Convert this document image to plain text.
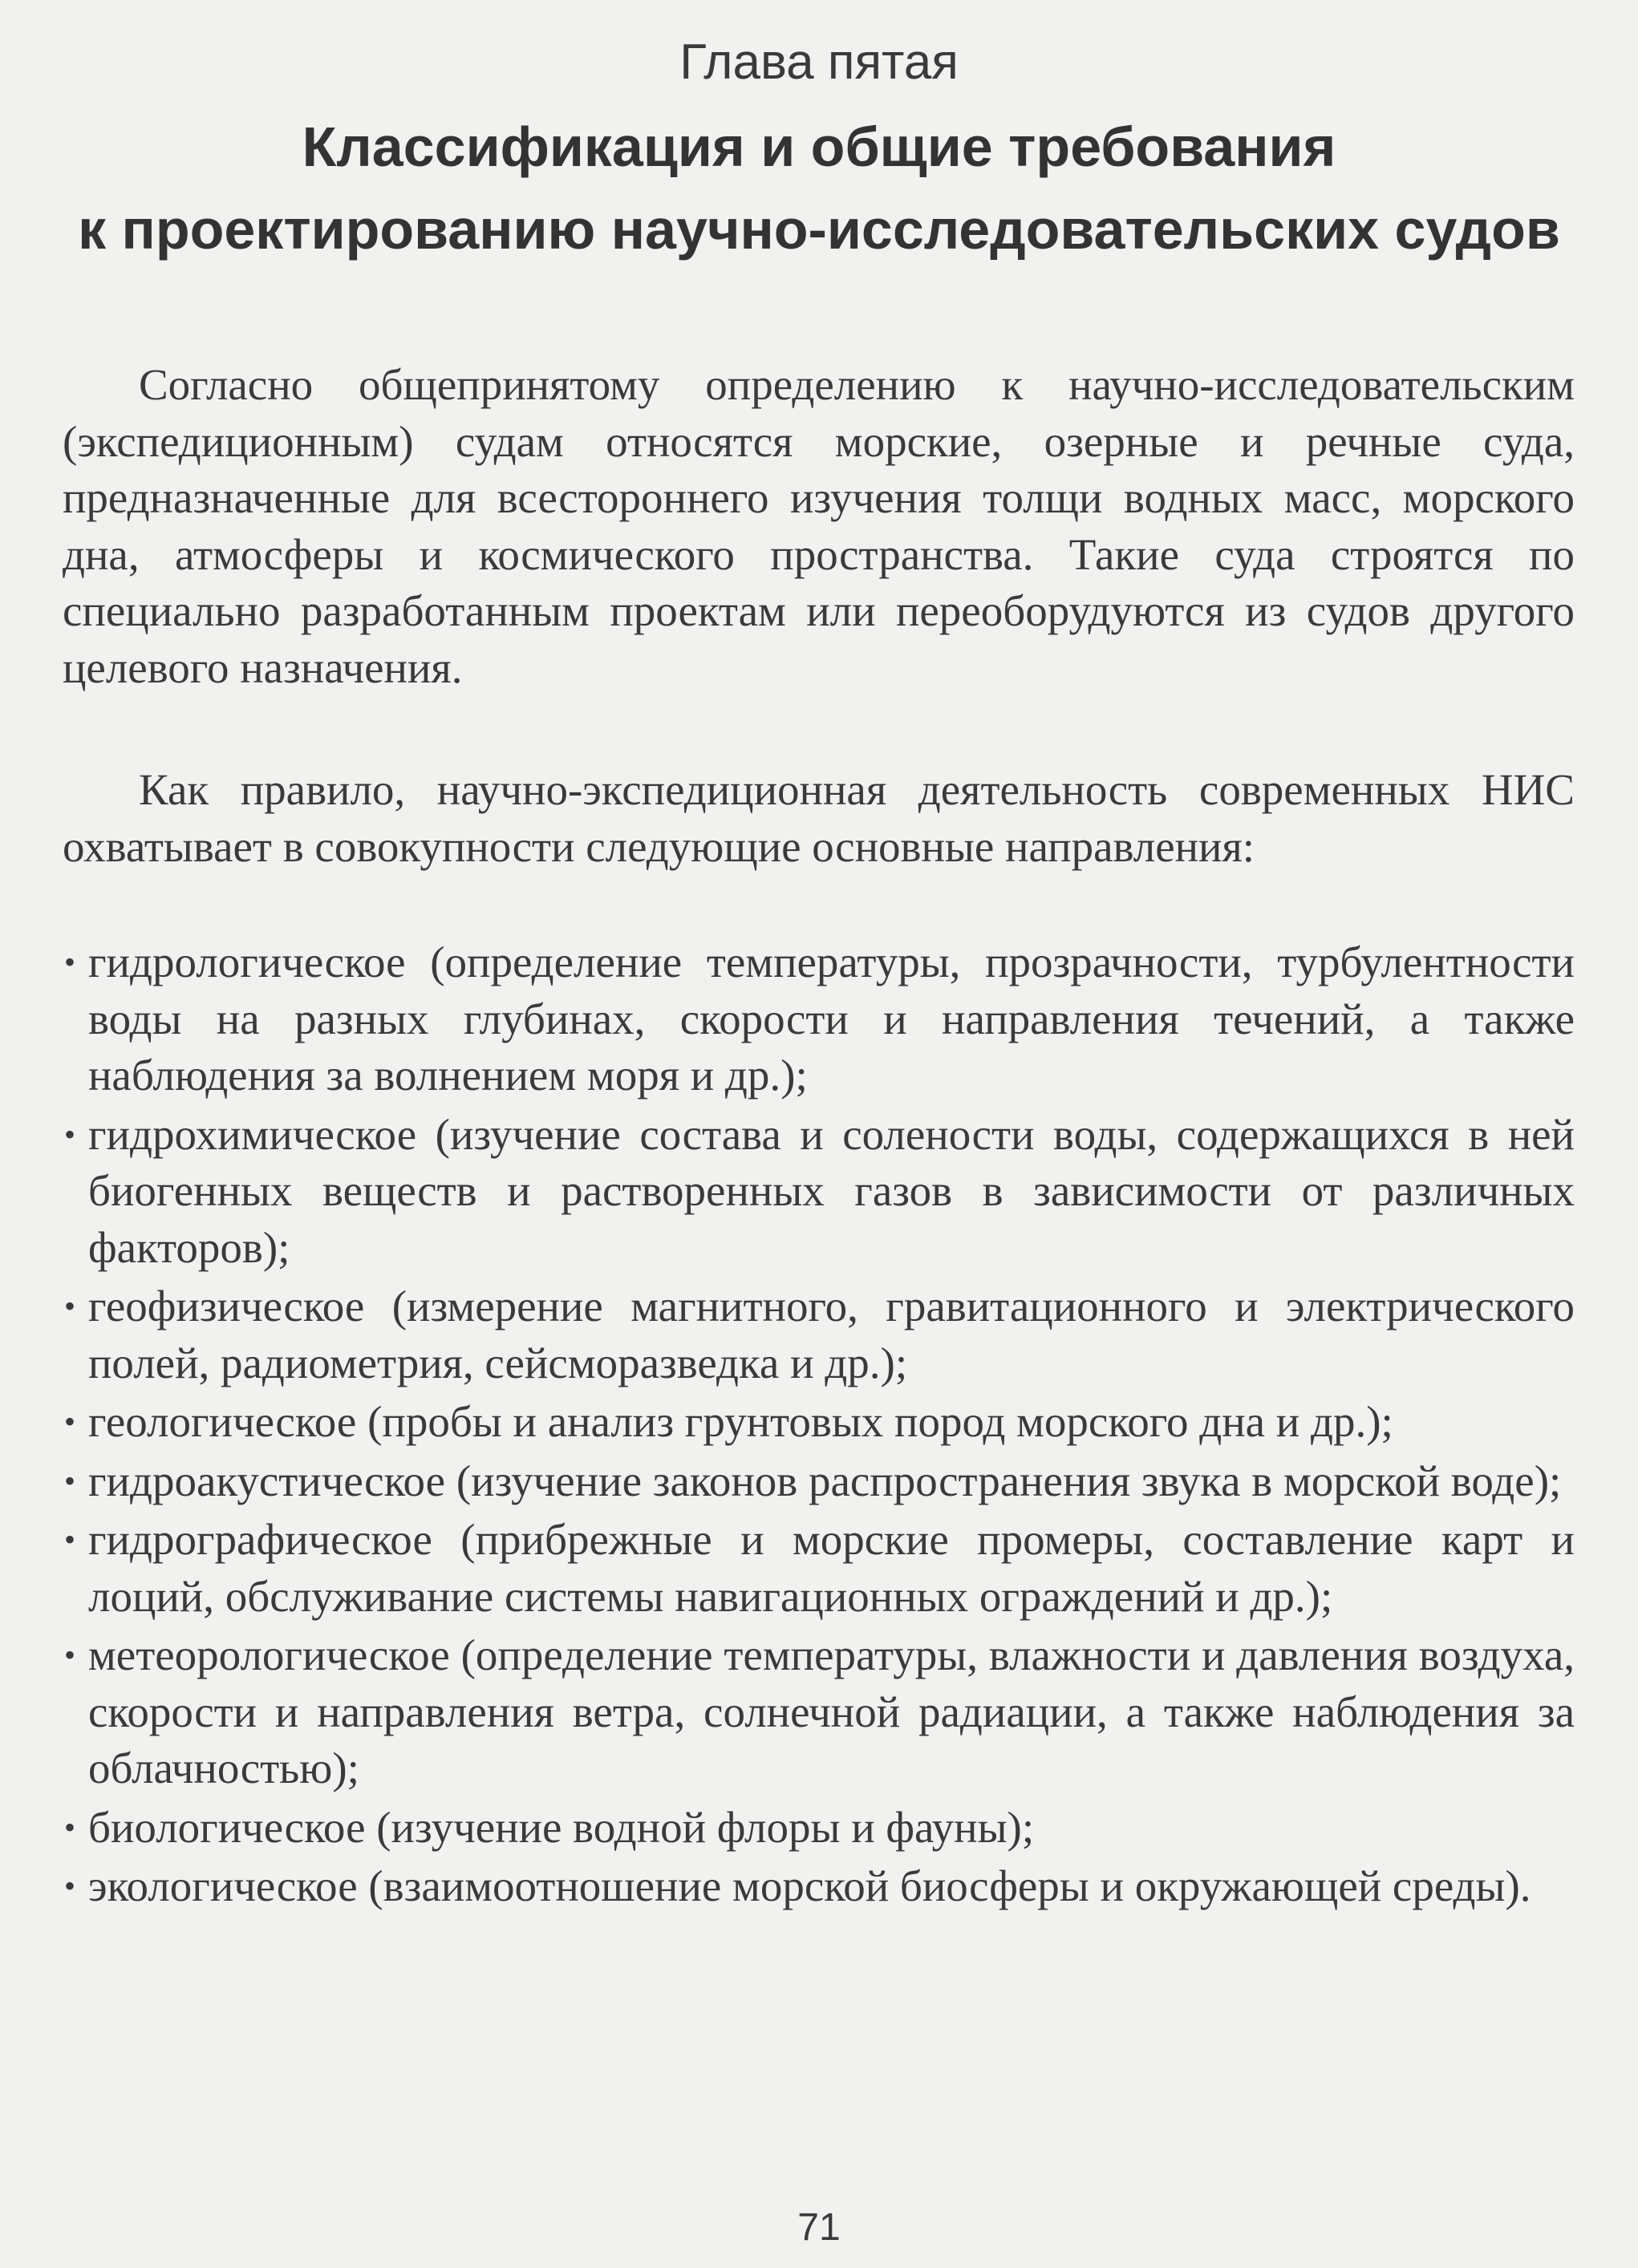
Глава пятая
Классификация и общие требования
к проектированию научно-исследовательских судов

Согласно общепринятому определению к научно-исследовательским (экспедиционным) судам относятся морские, озерные и речные суда, предназначенные для всестороннего изучения толщи водных масс, морского дна, атмосферы и космического пространства. Такие суда строятся по специально разработанным проектам или переоборудуются из судов другого целевого назначения.

Как правило, научно-экспедиционная деятельность современных НИС охватывает в совокупности следующие основные направления:

• гидрологическое (определение температуры, прозрачности, турбулентности воды на разных глубинах, скорости и направления течений, а также наблюдения за волнением моря и др.);
• гидрохимическое (изучение состава и солености воды, содержащихся в ней биогенных веществ и растворенных газов в зависимости от различных факторов);
• геофизическое (измерение магнитного, гравитационного и электрического полей, радиометрия, сейсморазведка и др.);
• геологическое (пробы и анализ грунтовых пород морского дна и др.);
• гидроакустическое (изучение законов распространения звука в морской воде);
• гидрографическое (прибрежные и морские промеры, составление карт и лоций, обслуживание системы навигационных ограждений и др.);
• метеорологическое (определение температуры, влажности и давления воздуха, скорости и направления ветра, солнечной радиации, а также наблюдения за облачностью);
• биологическое (изучение водной флоры и фауны);
• экологическое (взаимоотношение морской биосферы и окружающей среды).
71
